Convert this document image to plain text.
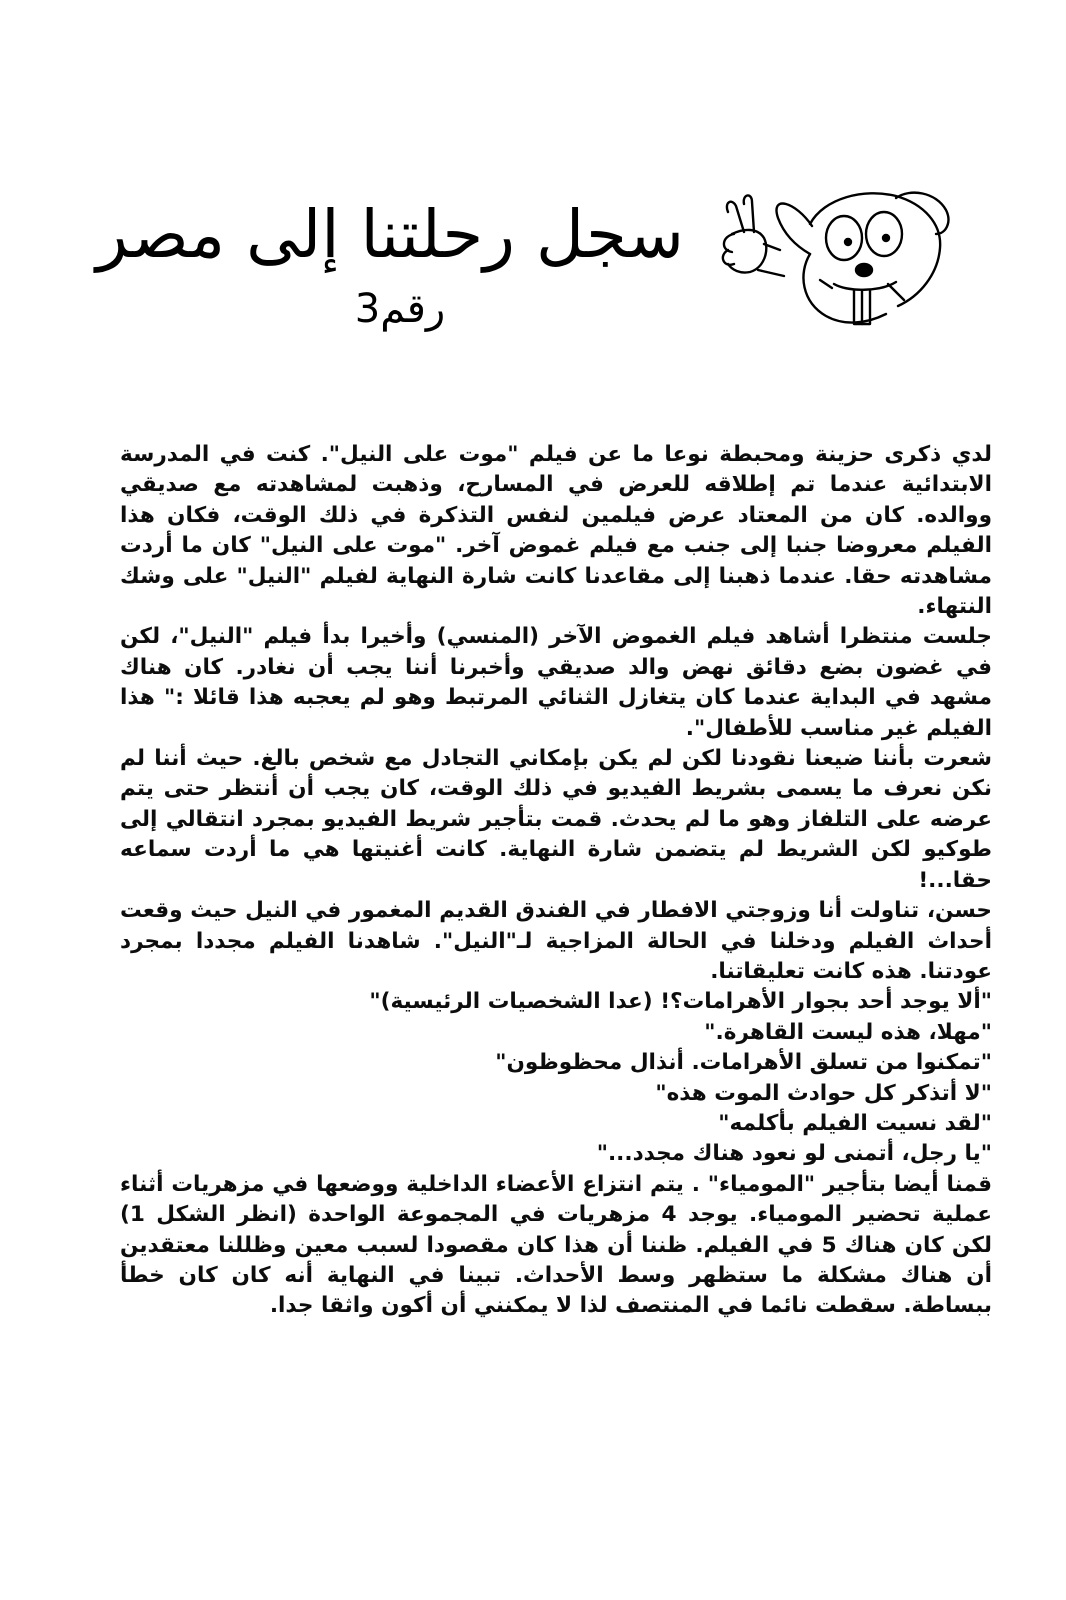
سجل رحلتنا إلى مصر
رقم3

لدي ذكرى حزينة ومحبطة نوعا ما عن فيلم "موت على النيل". كنت في المدرسة الابتدائية عندما تم إطلاقه للعرض في المسارح، وذهبت لمشاهدته مع صديقي ووالده. كان من المعتاد عرض فيلمين لنفس التذكرة في ذلك الوقت، فكان هذا الفيلم معروضا جنبا إلى جنب مع فيلم غموض آخر. "موت على النيل" كان ما أردت مشاهدته حقا. عندما ذهبنا إلى مقاعدنا كانت شارة النهاية لفيلم "النيل" على وشك النتهاء.

جلست منتظرا أشاهد فيلم الغموض الآخر (المنسي) وأخيرا بدأ فيلم "النيل"، لكن في غضون بضع دقائق نهض والد صديقي وأخبرنا أننا يجب أن نغادر. كان هناك مشهد في البداية عندما كان يتغازل الثنائي المرتبط وهو لم يعجبه هذا قائلا :" هذا الفيلم غير مناسب للأطفال".

شعرت بأننا ضيعنا نقودنا لكن لم يكن بإمكاني التجادل مع شخص بالغ. حيث أننا لم نكن نعرف ما يسمى بشريط الفيديو في ذلك الوقت، كان يجب أن أنتظر حتى يتم عرضه على التلفاز وهو ما لم يحدث. قمت بتأجير شريط الفيديو بمجرد انتقالي إلى طوكيو لكن الشريط لم يتضمن شارة النهاية. كانت أغنيتها هي ما أردت سماعه حقا...!

حسن، تناولت أنا وزوجتي الافطار في الفندق القديم المغمور في النيل حيث وقعت أحداث الفيلم ودخلنا في الحالة المزاجية لـ"النيل". شاهدنا الفيلم مجددا بمجرد عودتنا. هذه كانت تعليقاتنا.

"ألا يوجد أحد بجوار الأهرامات؟! (عدا الشخصيات الرئيسية)"
"مهلا، هذه ليست القاهرة."
"تمكنوا من تسلق الأهرامات. أنذال محظوظون"
"لا أتذكر كل حوادث الموت هذه"
"لقد نسيت الفيلم بأكلمه"
"يا رجل، أتمنى لو نعود هناك مجدد..."

قمنا أيضا بتأجير "المومياء" . يتم انتزاع الأعضاء الداخلية ووضعها في مزهريات أثناء عملية تحضير المومياء. يوجد 4 مزهريات في المجموعة الواحدة (انظر الشكل 1) لكن كان هناك 5 في الفيلم. ظننا أن هذا كان مقصودا لسبب معين وظللنا معتقدين أن هناك مشكلة ما ستظهر وسط الأحداث. تبينا في النهاية أنه كان كان خطأ ببساطة. سقطت نائما في المنتصف لذا لا يمكنني أن أكون واثقا جدا.
